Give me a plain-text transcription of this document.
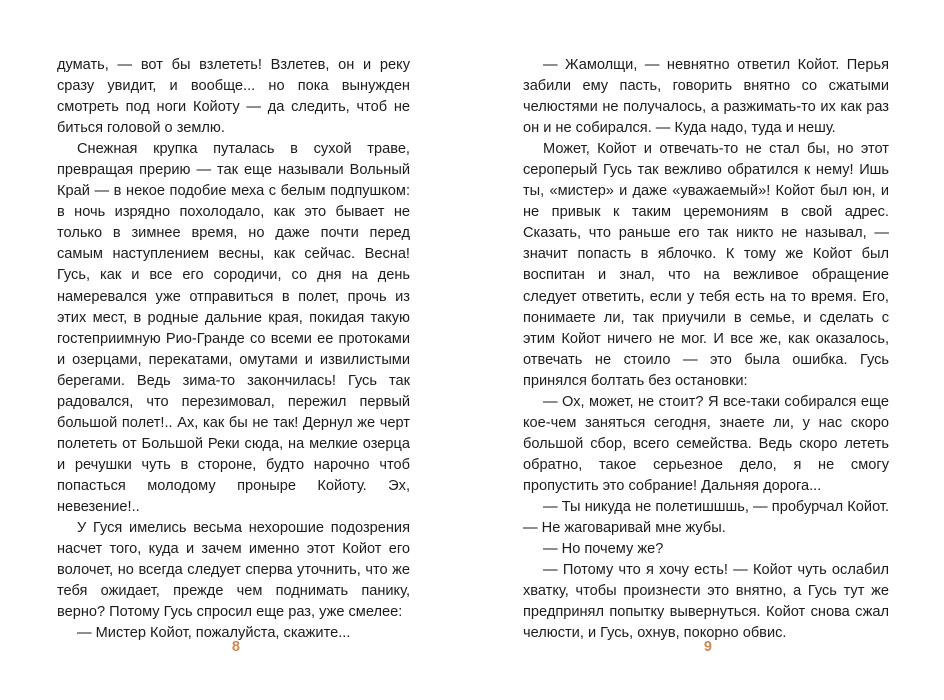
думать, — вот бы взлететь! Взлетев, он и реку сразу увидит, и вообще... но пока вынужден смотреть под ноги Койоту — да следить, чтоб не биться головой о землю.

Снежная крупка путалась в сухой траве, превращая прерию — так еще называли Вольный Край — в некое подобие меха с белым подпушком: в ночь изрядно похолодало, как это бывает не только в зимнее время, но даже почти перед самым наступлением весны, как сейчас. Весна! Гусь, как и все его сородичи, со дня на день намеревался уже отправиться в полет, прочь из этих мест, в родные дальние края, покидая такую гостеприимную Рио-Гранде со всеми ее протоками и озерцами, перекатами, омутами и извилистыми берегами. Ведь зима-то закончилась! Гусь так радовался, что перезимовал, пережил первый большой полет!.. Ах, как бы не так! Дернул же черт полететь от Большой Реки сюда, на мелкие озерца и речушки чуть в стороне, будто нарочно чтоб попасться молодому проныре Койоту. Эх, невезение!..

У Гуся имелись весьма нехорошие подозрения насчет того, куда и зачем именно этот Койот его волочет, но всегда следует сперва уточнить, что же тебя ожидает, прежде чем поднимать панику, верно? Потому Гусь спросил еще раз, уже смелее:

— Мистер Койот, пожалуйста, скажите...

8

— Жамолщи, — невнятно ответил Койот. Перья забили ему пасть, говорить внятно со сжатыми челюстями не получалось, а разжимать-то их как раз он и не собирался. — Куда надо, туда и нешу.

Может, Койот и отвечать-то не стал бы, но этот сероперый Гусь так вежливо обратился к нему! Ишь ты, «мистер» и даже «уважаемый»! Койот был юн, и не привык к таким церемониям в свой адрес. Сказать, что раньше его так никто не называл, — значит попасть в яблочко. К тому же Койот был воспитан и знал, что на вежливое обращение следует ответить, если у тебя есть на то время. Его, понимаете ли, так приучили в семье, и сделать с этим Койот ничего не мог. И все же, как оказалось, отвечать не стоило — это была ошибка. Гусь принялся болтать без остановки:

— Ох, может, не стоит? Я все-таки собирался еще кое-чем заняться сегодня, знаете ли, у нас скоро большой сбор, всего семейства. Ведь скоро лететь обратно, такое серьезное дело, я не смогу пропустить это собрание! Дальняя дорога...

— Ты никуда не полетишшшь, — пробурчал Койот. — Не жаговаривай мне жубы.

— Но почему же?

— Потому что я хочу есть! — Койот чуть ослабил хватку, чтобы произнести это внятно, а Гусь тут же предпринял попытку вывернуться. Койот снова сжал челюсти, и Гусь, охнув, покорно обвис.

9
